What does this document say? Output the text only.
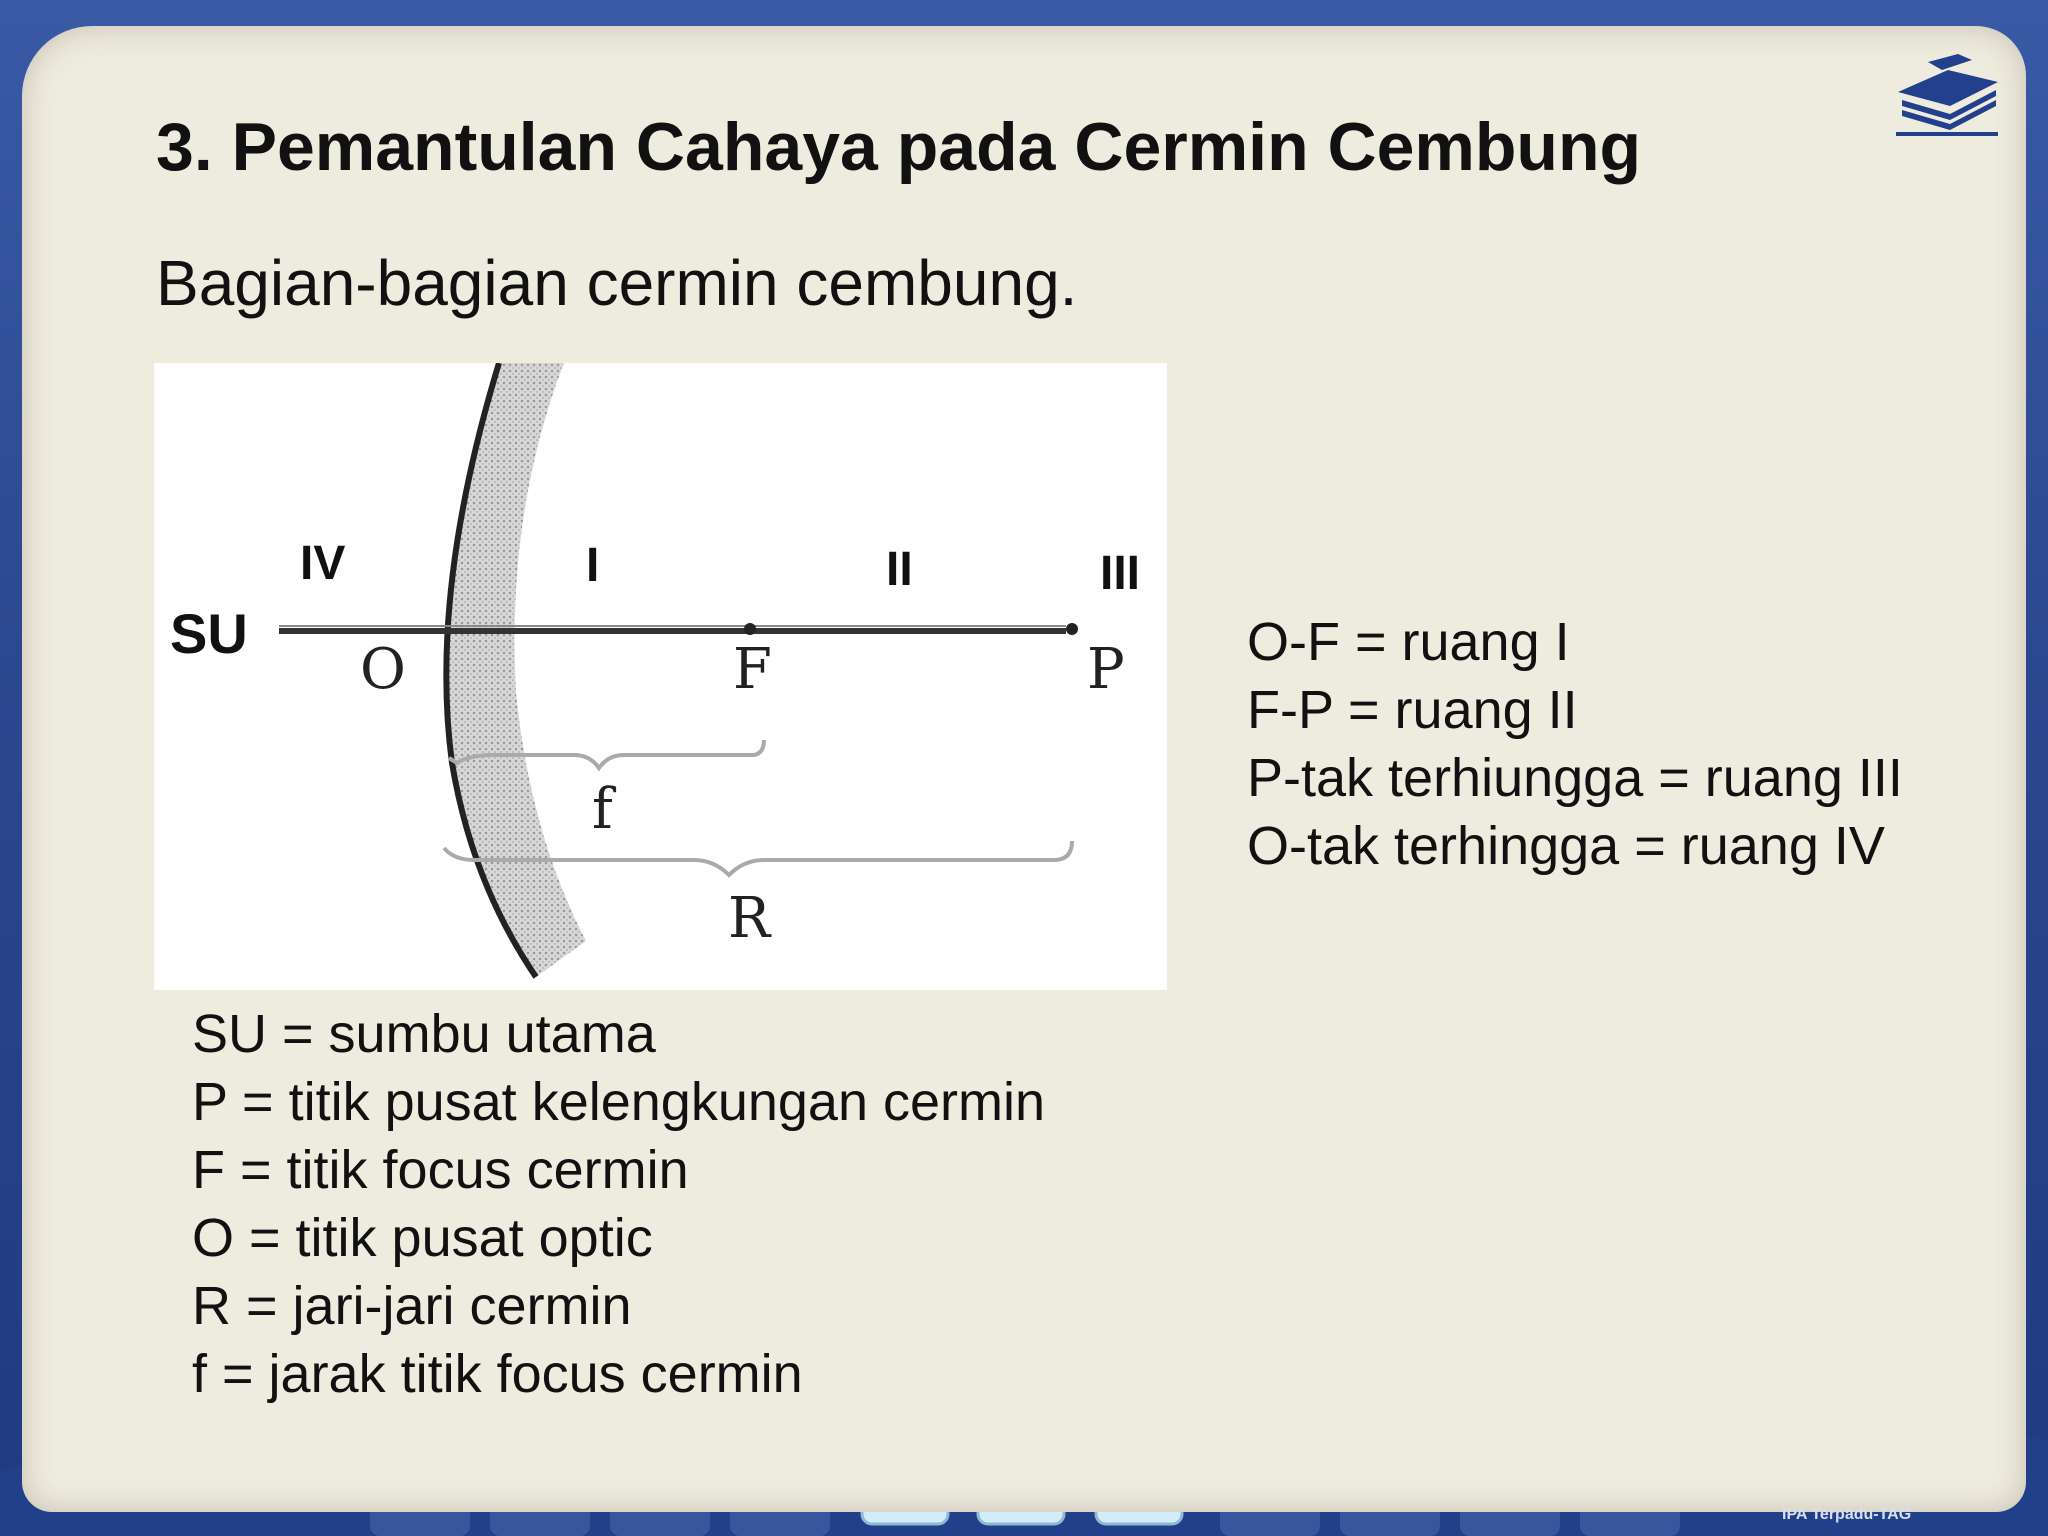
3. Pemantulan Cahaya pada Cermin Cembung

Bagian-bagian cermin cembung.

SU
IV	I	II	III
O	F	P
f
R
SU = sumbu utama
P = titik pusat kelengkungan cermin
F = titik focus cermin
O = titik pusat optic
R = jari-jari cermin
f = jarak titik focus cermin
O-F = ruang I
F-P = ruang II
P-tak terhiungga = ruang III
O-tak terhingga = ruang IV
IPA Terpadu-TAG
